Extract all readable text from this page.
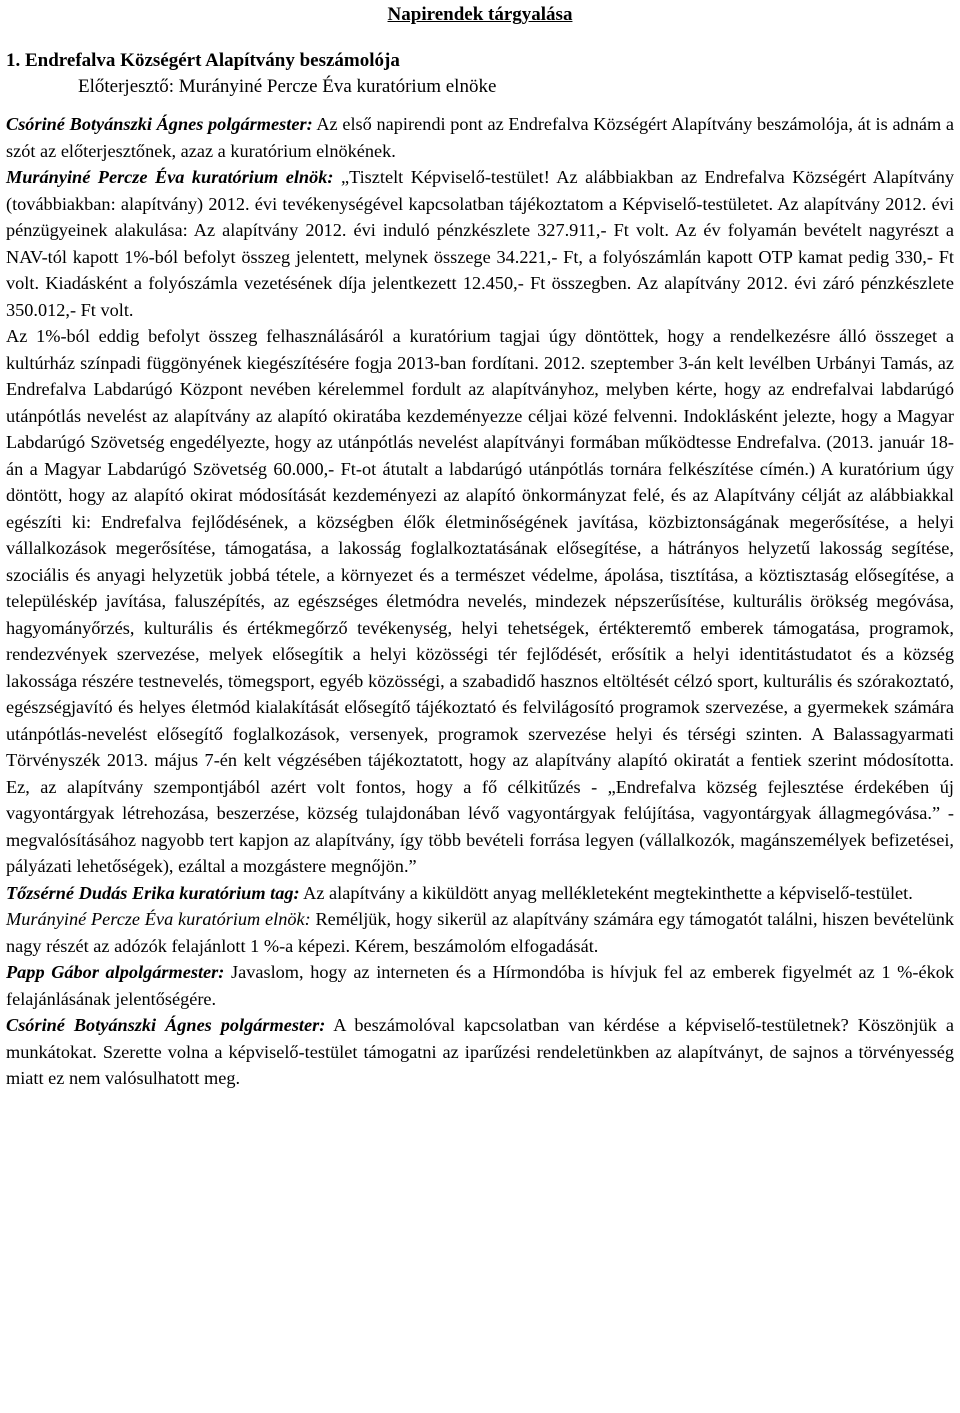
Napirendek tárgyalása
1. Endrefalva Községért Alapítvány beszámolója
Előterjesztő: Murányiné Percze Éva kuratórium elnöke

Csóriné Botyánszki Ágnes polgármester: Az első napirendi pont az Endrefalva Községért Alapítvány beszámolója, át is adnám a szót az előterjesztőnek, azaz a kuratórium elnökének.

Murányiné Percze Éva kuratórium elnök: „Tisztelt Képviselő-testület! Az alábbiakban az Endrefalva Községért Alapítvány (továbbiakban: alapítvány) 2012. évi tevékenységével kapcsolatban tájékoztatom a Képviselő-testületet. Az alapítvány 2012. évi pénzügyeinek alakulása: Az alapítvány 2012. évi induló pénzkészlete 327.911,- Ft volt. Az év folyamán bevételt nagyrészt a NAV-tól kapott 1%-ból befolyt összeg jelentett, melynek összege 34.221,- Ft, a folyószámlán kapott OTP kamat pedig 330,- Ft volt. Kiadásként a folyószámla vezetésének díja jelentkezett 12.450,- Ft összegben. Az alapítvány 2012. évi záró pénzkészlete 350.012,- Ft volt.

Az 1%-ból eddig befolyt összeg felhasználásáról a kuratórium tagjai úgy döntöttek, hogy a rendelkezésre álló összeget a kultúrház színpadi függönyének kiegészítésére fogja 2013-ban fordítani. 2012. szeptember 3-án kelt levélben Urbányi Tamás, az Endrefalva Labdarúgó Központ nevében kérelemmel fordult az alapítványhoz, melyben kérte, hogy az endrefalvai labdarúgó utánpótlás nevelést az alapítvány az alapító okiratába kezdeményezze céljai közé felvenni. Indoklásként jelezte, hogy a Magyar Labdarúgó Szövetség engedélyezte, hogy az utánpótlás nevelést alapítványi formában működtesse Endrefalva. (2013. január 18-án a Magyar Labdarúgó Szövetség 60.000,- Ft-ot átutalt a labdarúgó utánpótlás tornára felkészítése címén.) A kuratórium úgy döntött, hogy az alapító okirat módosítását kezdeményezi az alapító önkormányzat felé, és az Alapítvány célját az alábbiakkal egészíti ki: Endrefalva fejlődésének, a községben élők életminőségének javítása, közbiztonságának megerősítése, a helyi vállalkozások megerősítése, támogatása, a lakosság foglalkoztatásának elősegítése, a hátrányos helyzetű lakosság segítése, szociális és anyagi helyzetük jobbá tétele, a környezet és a természet védelme, ápolása, tisztítása, a köztisztaság elősegítése, a településkép javítása, faluszépítés, az egészséges életmódra nevelés, mindezek népszerűsítése, kulturális örökség megóvása, hagyományőrzés, kulturális és értékmegőrző tevékenység, helyi tehetségek, értékteremtő emberek támogatása, programok, rendezvények szervezése, melyek elősegítik a helyi közösségi tér fejlődését, erősítik a helyi identitástudatot és a község lakossága részére testnevelés, tömegsport, egyéb közösségi, a szabadidő hasznos eltöltését célzó sport, kulturális és szórakoztató, egészségjavító és helyes életmód kialakítását elősegítő tájékoztató és felvilágosító programok szervezése, a gyermekek számára utánpótlás-nevelést elősegítő foglalkozások, versenyek, programok szervezése helyi és térségi szinten. A Balassagyarmati Törvényszék 2013. május 7-én kelt végzésében tájékoztatott, hogy az alapítvány alapító okiratát a fentiek szerint módosította. Ez, az alapítvány szempontjából azért volt fontos, hogy a fő célkitűzés - „Endrefalva község fejlesztése érdekében új vagyontárgyak létrehozása, beszerzése, község tulajdonában lévő vagyontárgyak felújítása, vagyontárgyak állagmegóvása.” - megvalósításához nagyobb tert kapjon az alapítvány, így több bevételi forrása legyen (vállalkozók, magánszemélyek befizetései, pályázati lehetőségek), ezáltal a mozgástere megnőjön.”

Tőzsérné Dudás Erika kuratórium tag: Az alapítvány a kiküldött anyag mellékleteként megtekinthette a képviselő-testület.

Murányiné Percze Éva kuratórium elnök: Reméljük, hogy sikerül az alapítvány számára egy támogatót találni, hiszen bevételünk nagy részét az adózók felajánlott 1 %-a képezi. Kérem, beszámolóm elfogadását.

Papp Gábor alpolgármester: Javaslom, hogy az interneten és a Hírmondóba is hívjuk fel az emberek figyelmét az 1 %-ékok felajánlásának jelentőségére.

Csóriné Botyánszki Ágnes polgármester: A beszámolóval kapcsolatban van kérdése a képviselő-testületnek? Köszönjük a munkátokat. Szerette volna a képviselő-testület támogatni az iparűzési rendeletünkben az alapítványt, de sajnos a törvényesség miatt ez nem valósulhatott meg.
